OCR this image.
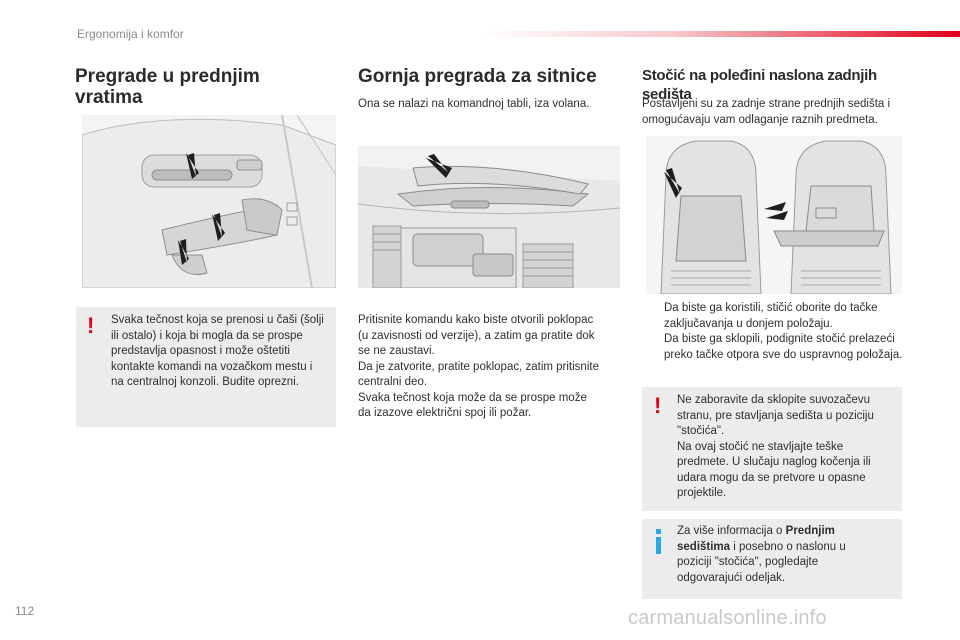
Ergonomija i komfor
Pregrade u prednjim vratima
! Svaka tečnost koja se prenosi u čaši (šolji ili ostalo) i koja bi mogla da se prospe predstavlja opasnost i može oštetiti kontakte komandi na vozačkom mestu i na centralnoj konzoli. Budite oprezni.
Gornja pregrada za sitnice
Ona se nalazi na komandnoj tabli, iza volana.
Pritisnite komandu kako biste otvorili poklopac
(u zavisnosti od verzije), a zatim ga pratite dok
se ne zaustavi.
Da je zatvorite, pratite poklopac, zatim pritisnite
centralni deo.
Svaka tečnost koja može da se prospe može
da izazove električni spoj ili požar.
Stočić na poleđini naslona zadnjih sedišta
Postavljeni su za zadnje strane prednjih sedišta i omogućavaju vam odlaganje raznih predmeta.
Da biste ga koristili, stičić oborite do tačke zaključavanja u donjem položaju.
Da biste ga sklopili, podignite stočić prelazeći preko tačke otpora sve do uspravnog položaja.
! Ne zaboravite da sklopite suvozačevu
stranu, pre stavljanja sedišta u poziciju
"stočića".
Na ovaj stočić ne stavljajte teške
predmete. U slučaju naglog kočenja ili
udara mogu da se pretvore u opasne
projektile.
Za više informacija o Prednjim sedištima i posebno o naslonu u poziciji "stočića", pogledajte odgovarajući odeljak.
112	carmanualsonline.info
